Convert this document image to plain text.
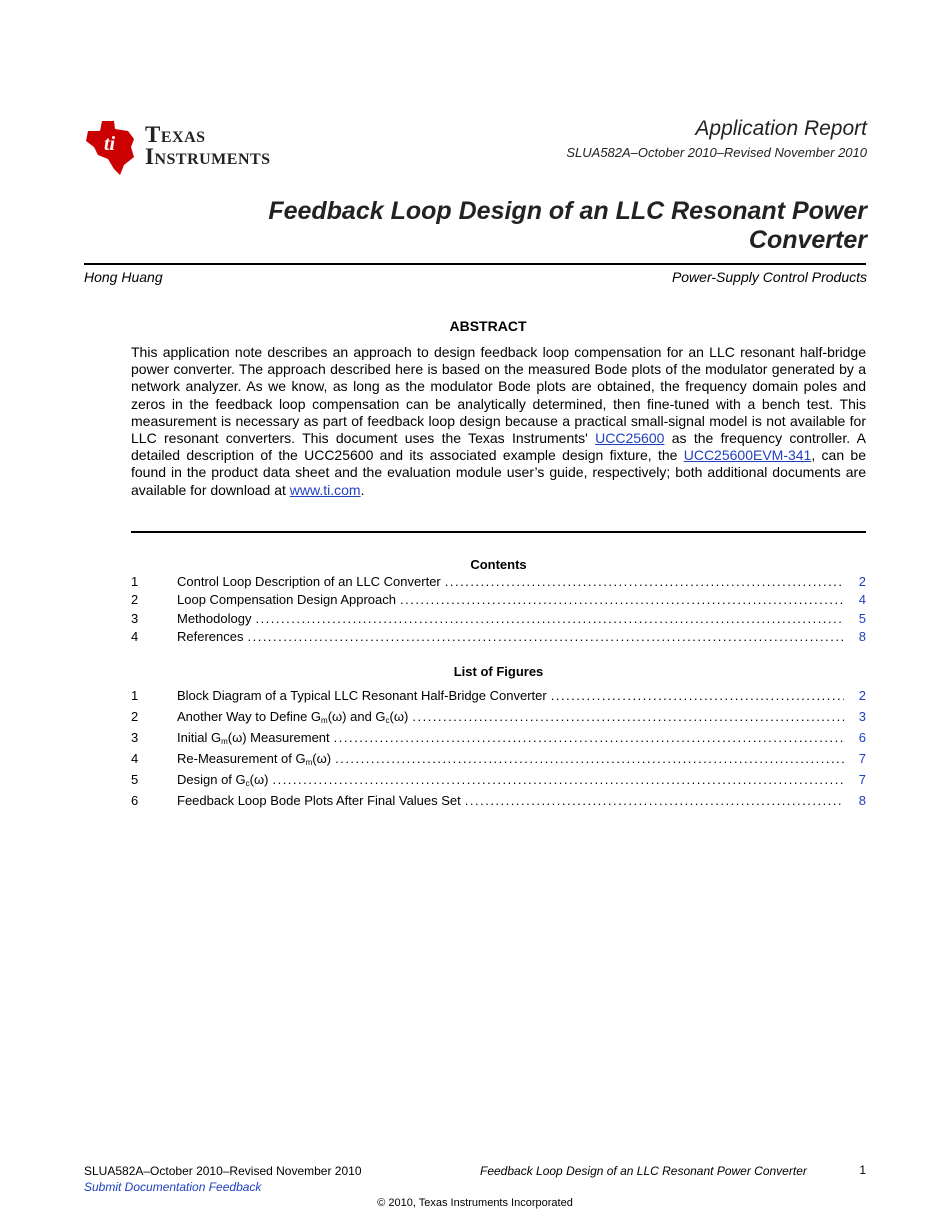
ti Texas
Instruments
Application Report
SLUA582A–October 2010–Revised November 2010
Feedback Loop Design of an LLC Resonant Power Converter
Hong Huang	Power-Supply Control Products
ABSTRACT
This application note describes an approach to design feedback loop compensation for an LLC resonant half-bridge power converter. The approach described here is based on the measured Bode plots of the modulator generated by a network analyzer. As we know, as long as the modulator Bode plots are obtained, the frequency domain poles and zeros in the feedback loop compensation can be analytically determined, then fine-tuned with a bench test. This measurement is necessary as part of feedback loop design because a practical small-signal model is not available for LLC resonant converters. This document uses the Texas Instruments' UCC25600 as the frequency controller. A detailed description of the UCC25600 and its associated example design fixture, the UCC25600EVM-341, can be found in the product data sheet and the evaluation module user’s guide, respectively; both additional documents are available for download at www.ti.com.
Contents
1	Control Loop Description of an LLC Converter .....	2
2	Loop Compensation Design Approach .....	4
3	Methodology .....	5
4	References .....	8
List of Figures
1	Block Diagram of a Typical LLC Resonant Half-Bridge Converter .....	2
2	Another Way to Define $G_m(\omega)$ and $G_c(\omega)$ .....	3
3	Initial $G_m(\omega)$ Measurement .....	6
4	Re-Measurement of $G_m(\omega)$ .....	7
5	Design of $G_c(\omega)$ .....	7
6	Feedback Loop Bode Plots After Final Values Set .....	8
SLUA582A–October 2010–Revised November 2010	Feedback Loop Design of an LLC Resonant Power Converter	1
Submit Documentation Feedback
© 2010, Texas Instruments Incorporated
